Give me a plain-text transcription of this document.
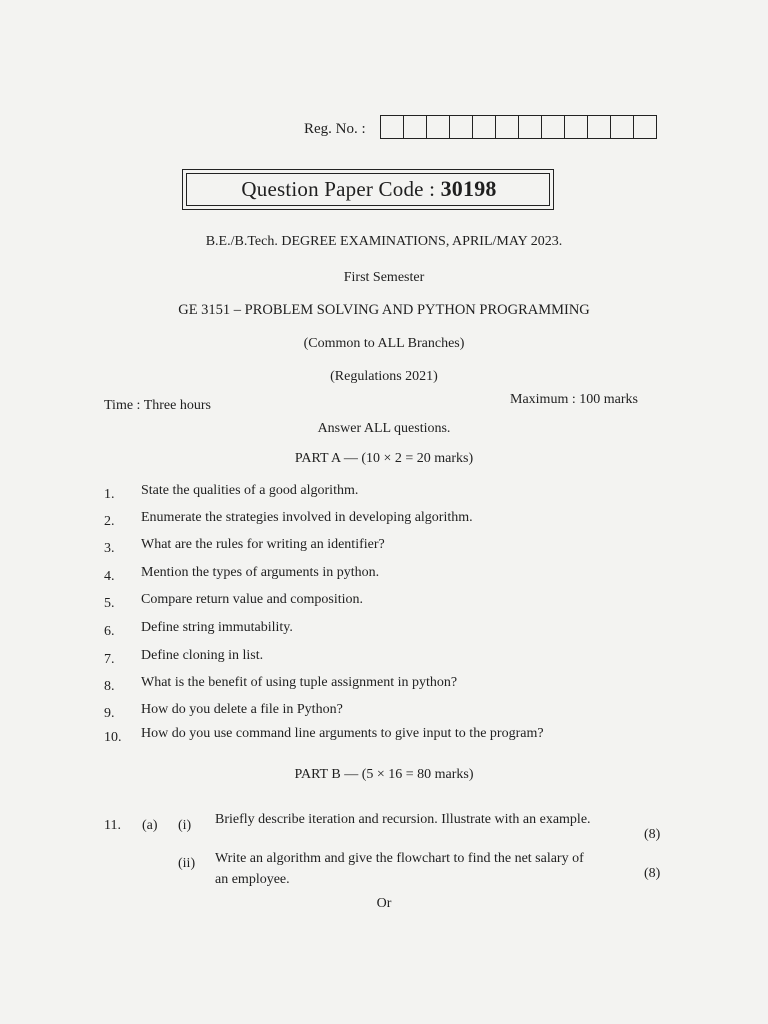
Reg. No. :
Question Paper Code : 30198
B.E./B.Tech. DEGREE EXAMINATIONS, APRIL/MAY 2023.
First Semester
GE 3151 – PROBLEM SOLVING AND PYTHON PROGRAMMING
(Common to ALL Branches)
(Regulations 2021)
Time : Three hours	Maximum : 100 marks
Answer ALL questions.
PART A — (10 × 2 = 20 marks)
1. State the qualities of a good algorithm.
2. Enumerate the strategies involved in developing algorithm.
3. What are the rules for writing an identifier?
4. Mention the types of arguments in python.
5. Compare return value and composition.
6. Define string immutability.
7. Define cloning in list.
8. What is the benefit of using tuple assignment in python?
9. How do you delete a file in Python?
10. How do you use command line arguments to give input to the program?
PART B — (5 × 16 = 80 marks)
11. (a) (i) Briefly describe iteration and recursion. Illustrate with an example.
(8)
(ii) Write an algorithm and give the flowchart to find the net salary of
an employee.	(8)
Or
